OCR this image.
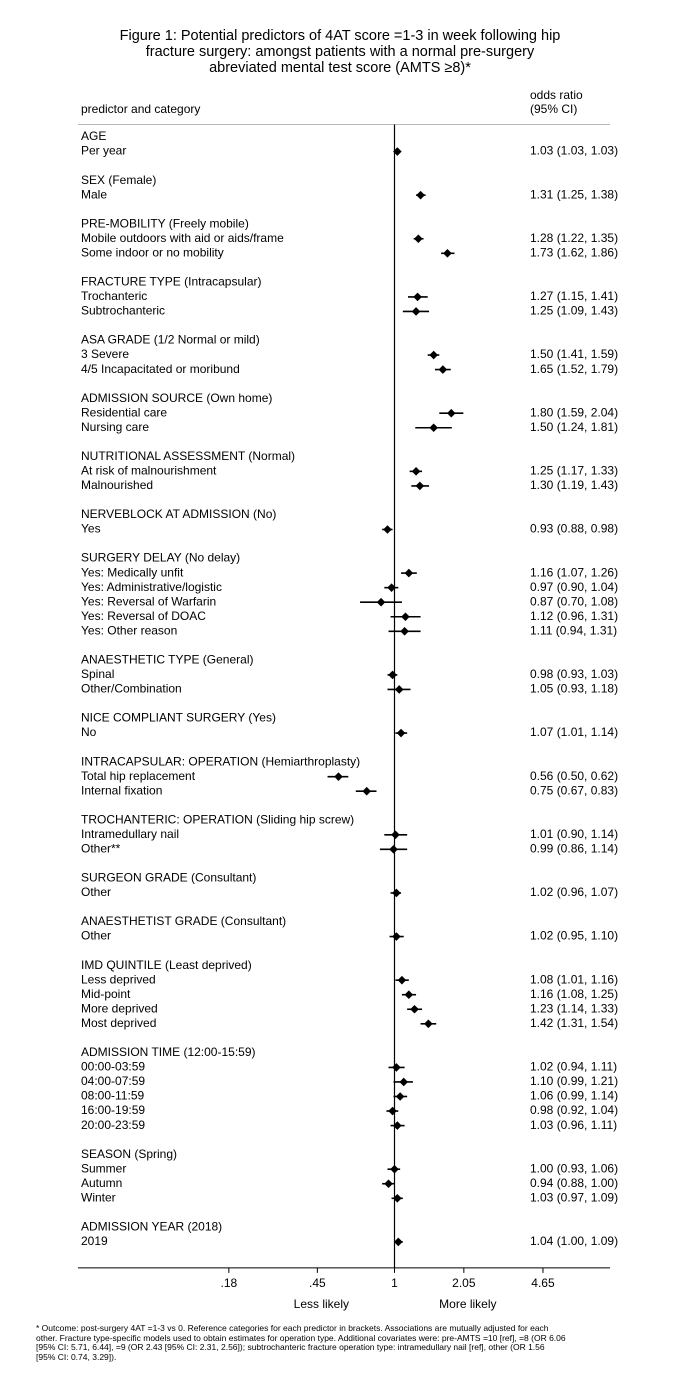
Figure 1: Potential predictors of 4AT score =1-3 in week following hip
fracture surgery: amongst patients with a normal pre-surgery
abreviated mental test score (AMTS ≥8)*
predictor and category
odds ratio
(95% CI)
AGE
Per year	1.03 (1.03, 1.03)
SEX (Female)
Male	1.31 (1.25, 1.38)
PRE-MOBILITY (Freely mobile)
Mobile outdoors with aid or aids/frame	1.28 (1.22, 1.35)
Some indoor or no mobility	1.73 (1.62, 1.86)
FRACTURE TYPE (Intracapsular)
Trochanteric	1.27 (1.15, 1.41)
Subtrochanteric	1.25 (1.09, 1.43)
ASA GRADE (1/2 Normal or mild)
3 Severe	1.50 (1.41, 1.59)
4/5 Incapacitated or moribund	1.65 (1.52, 1.79)
ADMISSION SOURCE (Own home)
Residential care	1.80 (1.59, 2.04)
Nursing care	1.50 (1.24, 1.81)
NUTRITIONAL ASSESSMENT (Normal)
At risk of malnourishment	1.25 (1.17, 1.33)
Malnourished	1.30 (1.19, 1.43)
NERVEBLOCK AT ADMISSION (No)
Yes	0.93 (0.88, 0.98)
SURGERY DELAY (No delay)
Yes: Medically unfit	1.16 (1.07, 1.26)
Yes: Administrative/logistic	0.97 (0.90, 1.04)
Yes: Reversal of Warfarin	0.87 (0.70, 1.08)
Yes: Reversal of DOAC	1.12 (0.96, 1.31)
Yes: Other reason	1.11 (0.94, 1.31)
ANAESTHETIC TYPE (General)
Spinal	0.98 (0.93, 1.03)
Other/Combination	1.05 (0.93, 1.18)
NICE COMPLIANT SURGERY (Yes)
No	1.07 (1.01, 1.14)
INTRACAPSULAR: OPERATION (Hemiarthroplasty)
Total hip replacement	0.56 (0.50, 0.62)
Internal fixation	0.75 (0.67, 0.83)
TROCHANTERIC: OPERATION (Sliding hip screw)
Intramedullary nail	1.01 (0.90, 1.14)
Other**	0.99 (0.86, 1.14)
SURGEON GRADE (Consultant)
Other	1.02 (0.96, 1.07)
ANAESTHETIST GRADE (Consultant)
Other	1.02 (0.95, 1.10)
IMD QUINTILE (Least deprived)
Less deprived	1.08 (1.01, 1.16)
Mid-point	1.16 (1.08, 1.25)
More deprived	1.23 (1.14, 1.33)
Most deprived	1.42 (1.31, 1.54)
ADMISSION TIME (12:00-15:59)
00:00-03:59	1.02 (0.94, 1.11)
04:00-07:59	1.10 (0.99, 1.21)
08:00-11:59	1.06 (0.99, 1.14)
16:00-19:59	0.98 (0.92, 1.04)
20:00-23:59	1.03 (0.96, 1.11)
SEASON (Spring)
Summer	1.00 (0.93, 1.06)
Autumn	0.94 (0.88, 1.00)
Winter	1.03 (0.97, 1.09)
ADMISSION YEAR (2018)
2019	1.04 (1.00, 1.09)
.18	.45	1	2.05	4.65
Less likely	More likely
* Outcome: post-surgery 4AT =1-3 vs 0. Reference categories for each predictor in brackets. Associations are mutually adjusted for each
other. Fracture type-specific models used to obtain estimates for operation type. Additional covariates were: pre-AMTS =10 [ref], =8 (OR 6.06
[95% CI: 5.71, 6.44], =9 (OR 2.43 [95% CI: 2.31, 2.56]); subtrochanteric fracture operation type: intramedullary nail [ref], other (OR 1.56
[95% CI: 0.74, 3.29]).
